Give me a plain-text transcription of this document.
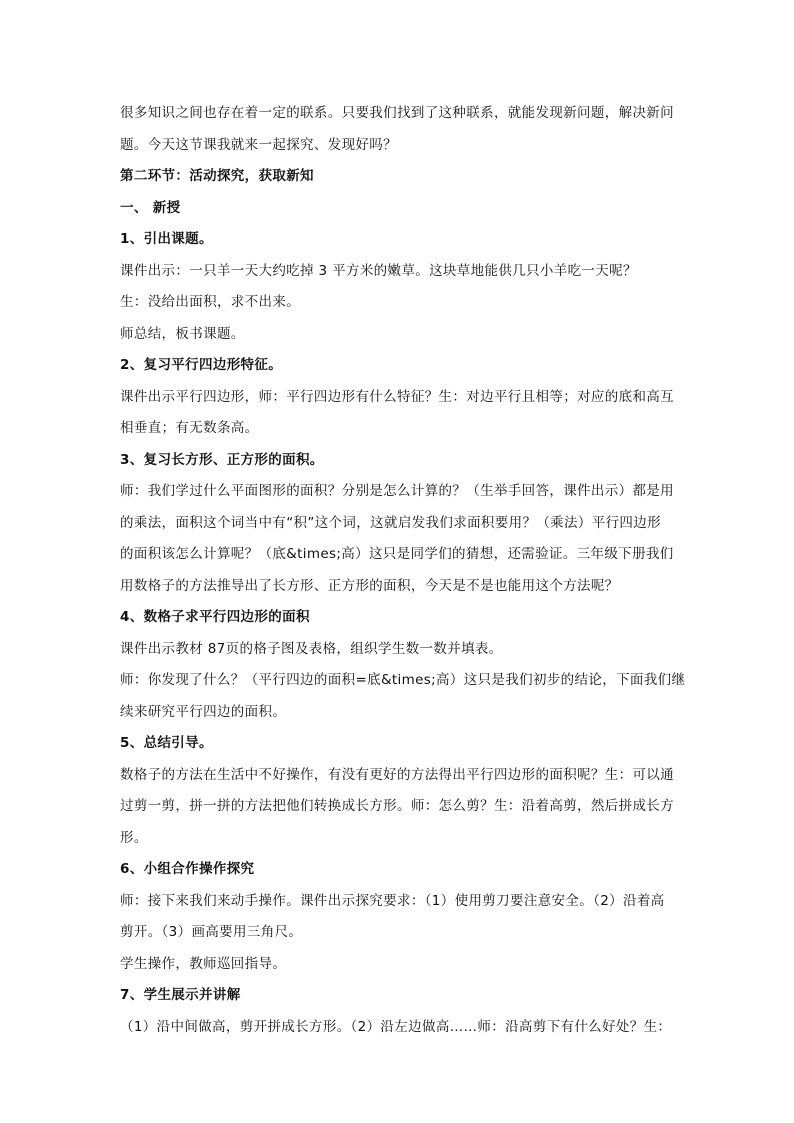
很多知识之间也存在着一定的联系。只要我们找到了这种联系，就能发现新问题，解决新问
题。今天这节课我就来一起探究、发现好吗？
第二环节：活动探究，获取新知
一、 新授
1、引出课题。
课件出示：一只羊一天大约吃掉 3 平方米的嫩草。这块草地能供几只小羊吃一天呢？
生：没给出面积，求不出来。
师总结，板书课题。
2、复习平行四边形特征。
课件出示平行四边形，师：平行四边形有什么特征？生：对边平行且相等；对应的底和高互
相垂直；有无数条高。
3、复习长方形、正方形的面积。
师：我们学过什么平面图形的面积？分别是怎么计算的？（生举手回答，课件出示）都是用
的乘法，面积这个词当中有“积”这个词，这就启发我们求面积要用？（乘法）平行四边形
的面积该怎么计算呢？（底&times;高）这只是同学们的猜想，还需验证。三年级下册我们
用数格子的方法推导出了长方形、正方形的面积，今天是不是也能用这个方法呢？
4、数格子求平行四边形的面积
课件出示教材 87页的格子图及表格，组织学生数一数并填表。
师：你发现了什么？（平行四边的面积=底&times;高）这只是我们初步的结论，下面我们继
续来研究平行四边的面积。
5、总结引导。
数格子的方法在生活中不好操作，有没有更好的方法得出平行四边形的面积呢？生：可以通
过剪一剪，拼一拼的方法把他们转换成长方形。师：怎么剪？生：沿着高剪，然后拼成长方
形。
6、小组合作操作探究
师：接下来我们来动手操作。课件出示探究要求：（1）使用剪刀要注意安全。（2）沿着高
剪开。（3）画高要用三角尺。
学生操作，教师巡回指导。
7、学生展示并讲解
（1）沿中间做高，剪开拼成长方形。（2）沿左边做高……师：沿高剪下有什么好处？生：
